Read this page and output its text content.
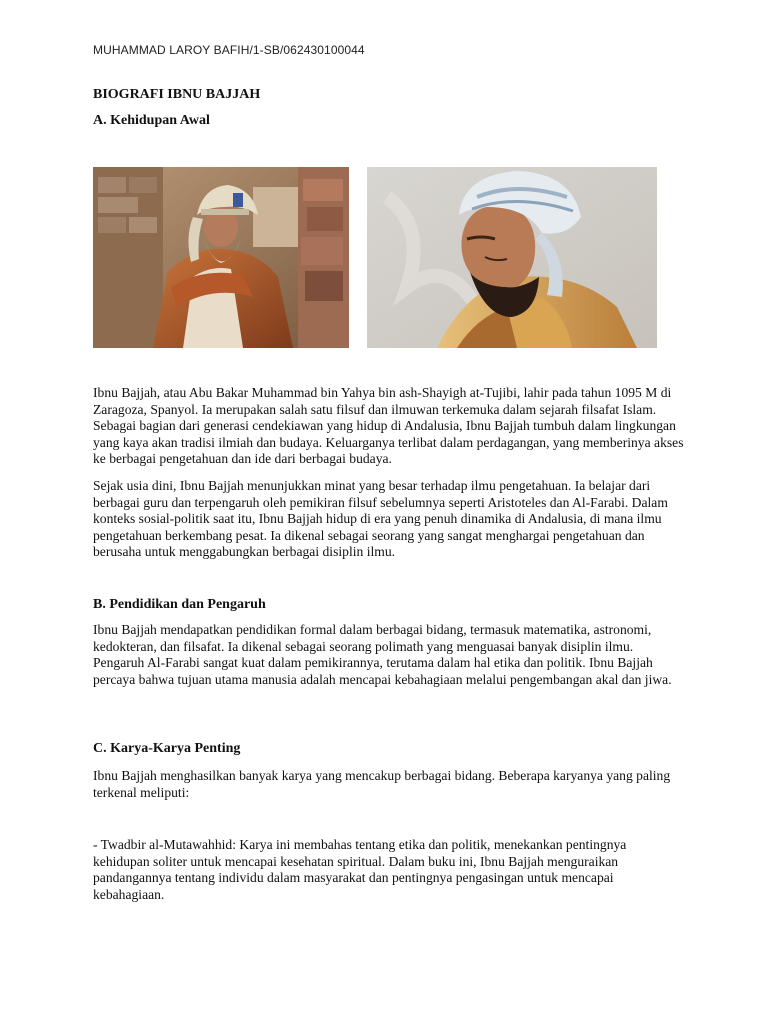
MUHAMMAD LAROY BAFIH/1-SB/062430100044
BIOGRAFI IBNU BAJJAH
A. Kehidupan Awal

Ibnu Bajjah, atau Abu Bakar Muhammad bin Yahya bin ash-Shayigh at-Tujibi, lahir pada tahun 1095 M di Zaragoza, Spanyol. Ia merupakan salah satu filsuf dan ilmuwan terkemuka dalam sejarah filsafat Islam. Sebagai bagian dari generasi cendekiawan yang hidup di Andalusia, Ibnu Bajjah tumbuh dalam lingkungan yang kaya akan tradisi ilmiah dan budaya. Keluarganya terlibat dalam perdagangan, yang memberinya akses ke berbagai pengetahuan dan ide dari berbagai budaya.

Sejak usia dini, Ibnu Bajjah menunjukkan minat yang besar terhadap ilmu pengetahuan. Ia belajar dari berbagai guru dan terpengaruh oleh pemikiran filsuf sebelumnya seperti Aristoteles dan Al-Farabi. Dalam konteks sosial-politik saat itu, Ibnu Bajjah hidup di era yang penuh dinamika di Andalusia, di mana ilmu pengetahuan berkembang pesat. Ia dikenal sebagai seorang yang sangat menghargai pengetahuan dan berusaha untuk menggabungkan berbagai disiplin ilmu.

B. Pendidikan dan Pengaruh

Ibnu Bajjah mendapatkan pendidikan formal dalam berbagai bidang, termasuk matematika, astronomi, kedokteran, dan filsafat. Ia dikenal sebagai seorang polimath yang menguasai banyak disiplin ilmu. Pengaruh Al-Farabi sangat kuat dalam pemikirannya, terutama dalam hal etika dan politik. Ibnu Bajjah percaya bahwa tujuan utama manusia adalah mencapai kebahagiaan melalui pengembangan akal dan jiwa.

C. Karya-Karya Penting

Ibnu Bajjah menghasilkan banyak karya yang mencakup berbagai bidang. Beberapa karyanya yang paling terkenal meliputi:

- Twadbir al-Mutawahhid: Karya ini membahas tentang etika dan politik, menekankan pentingnya kehidupan soliter untuk mencapai kesehatan spiritual. Dalam buku ini, Ibnu Bajjah menguraikan pandangannya tentang individu dalam masyarakat dan pentingnya pengasingan untuk mencapai kebahagiaan.
